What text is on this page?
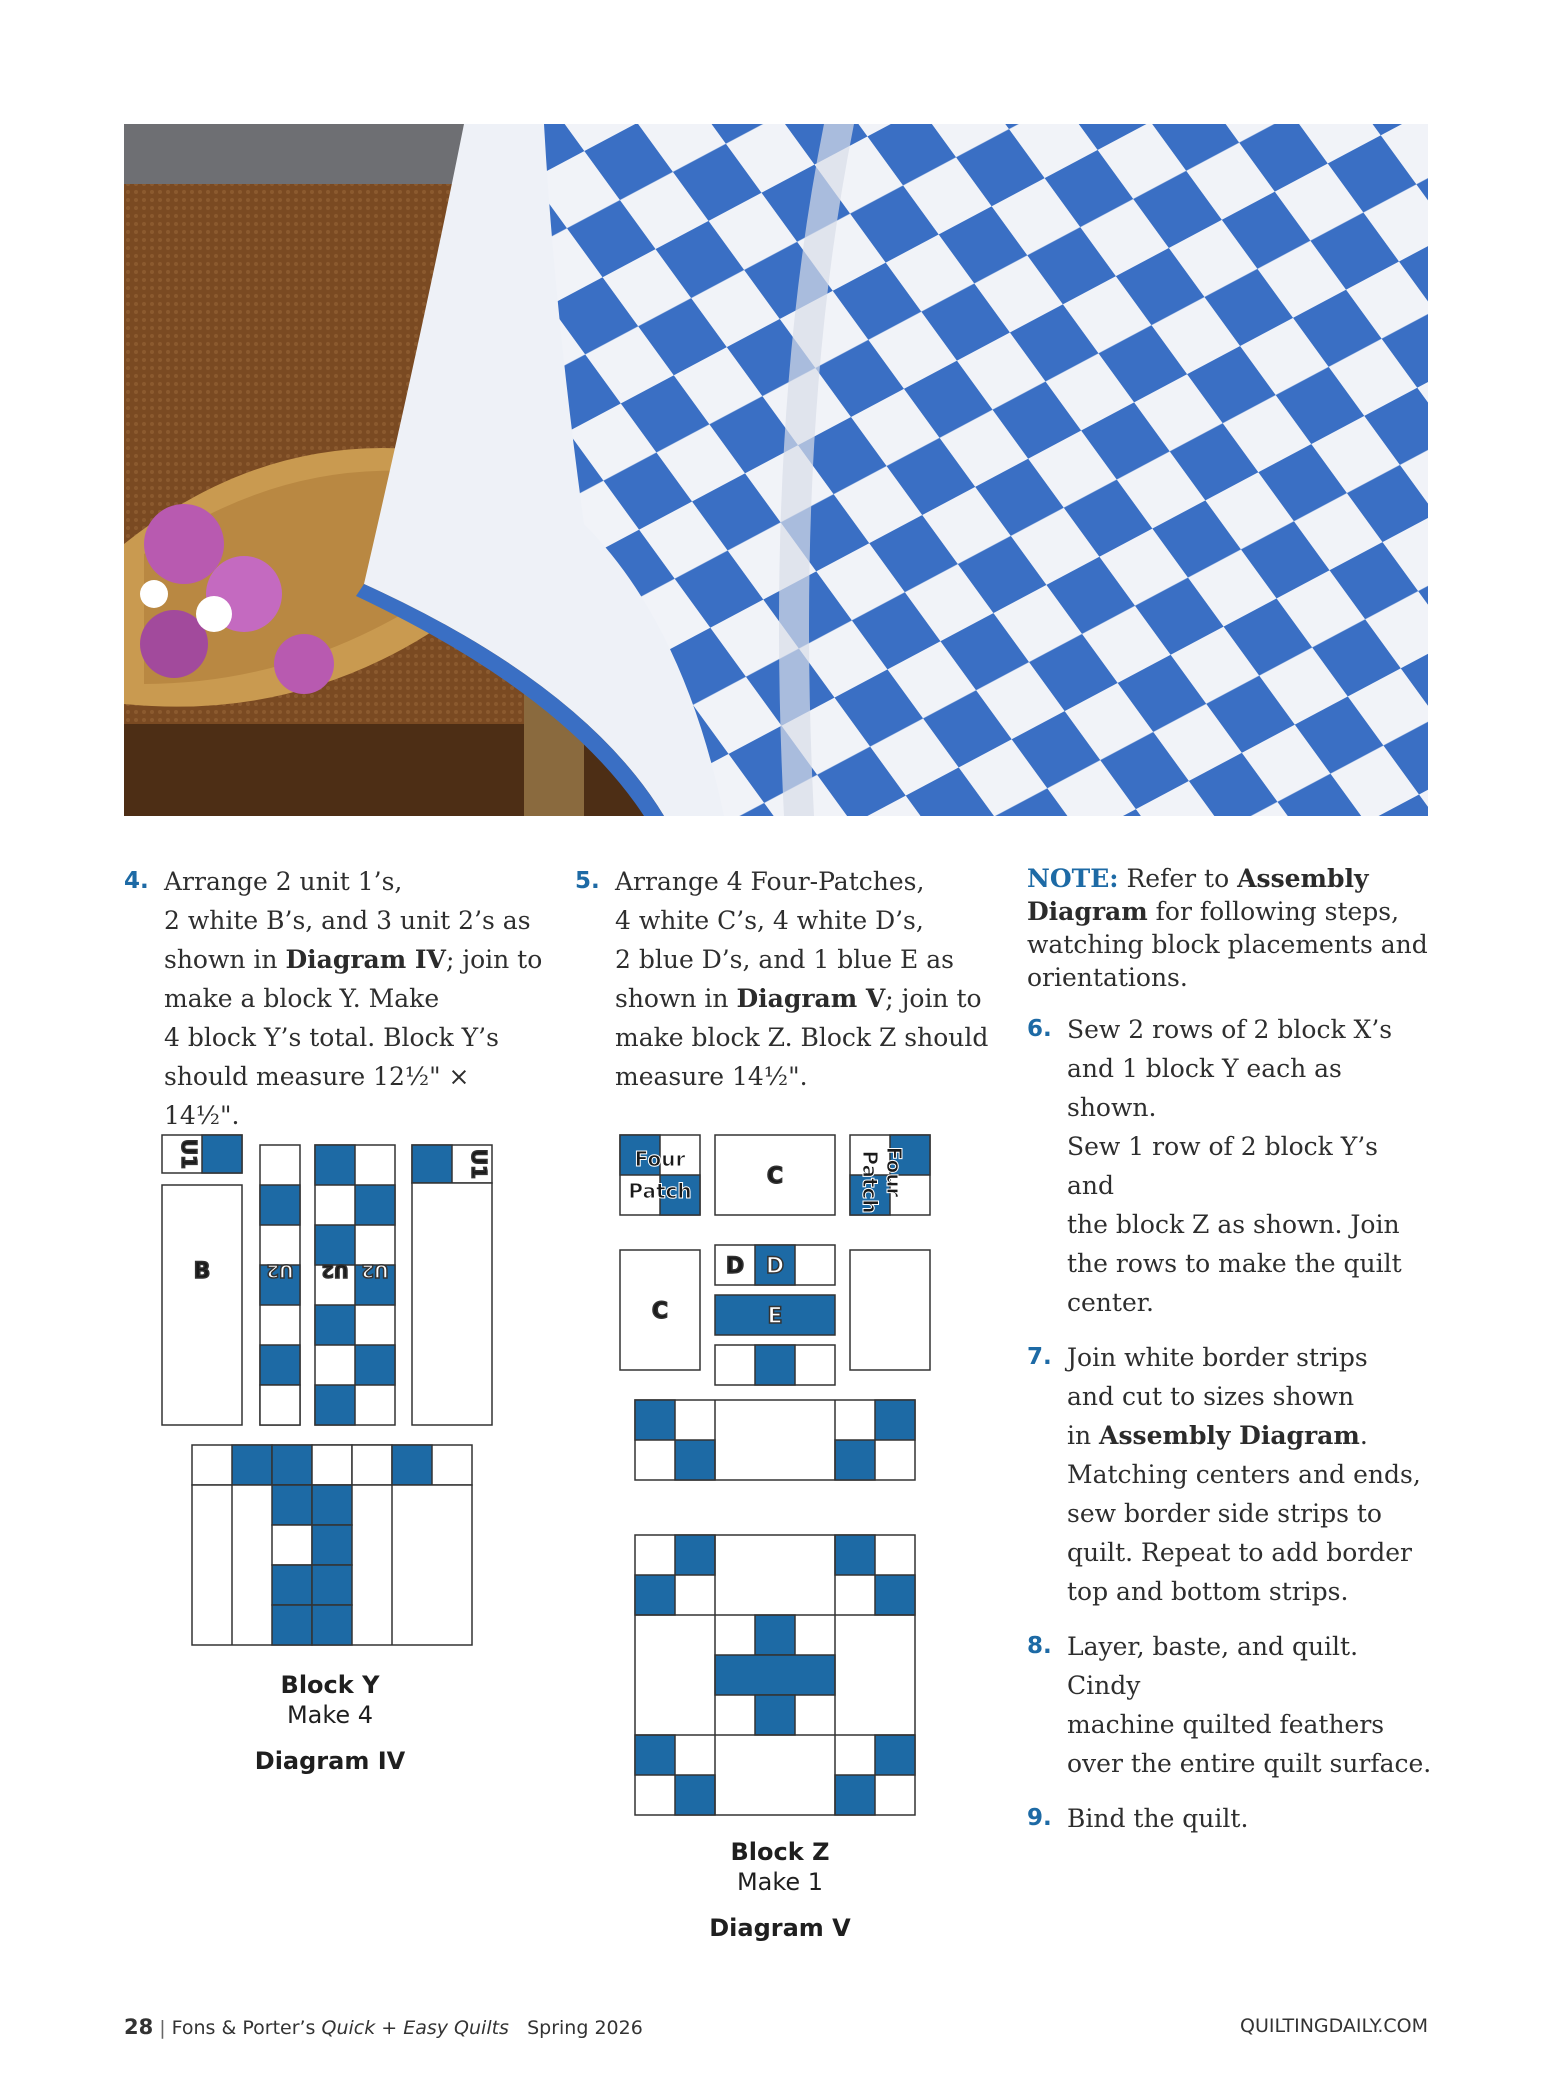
4. Arrange 2 unit 1’s,
2 white B’s, and 3 unit 2’s as
shown in Diagram IV; join to
make a block Y. Make
4 block Y’s total. Block Y’s
should measure 12½" × 14½".
5. Arrange 4 Four-Patches,
4 white C’s, 4 white D’s,
2 blue D’s, and 1 blue E as
shown in Diagram V; join to
make block Z. Block Z should
measure 14½".
NOTE: Refer to Assembly
Diagram for following steps,
watching block placements and
orientations.
6. Sew 2 rows of 2 block X’s
and 1 block Y each as shown.
Sew 1 row of 2 block Y’s and
the block Z as shown. Join
the rows to make the quilt
center.
7. Join white border strips
and cut to sizes shown
in Assembly Diagram.
Matching centers and ends,
sew border side strips to
quilt. Repeat to add border
top and bottom strips.
8. Layer, baste, and quilt. Cindy
machine quilted feathers
over the entire quilt surface.
9. Bind the quilt.
U1
B	U2 U2 U2
U1
Block Y
Make 4
Diagram IV
Four
Patch
C	Four
Patch
C
D D
E
Block Z
Make 1
Diagram V
28 | Fons & Porter’s Quick + Easy Quilts Spring 2026	QUILTINGDAILY.COM
